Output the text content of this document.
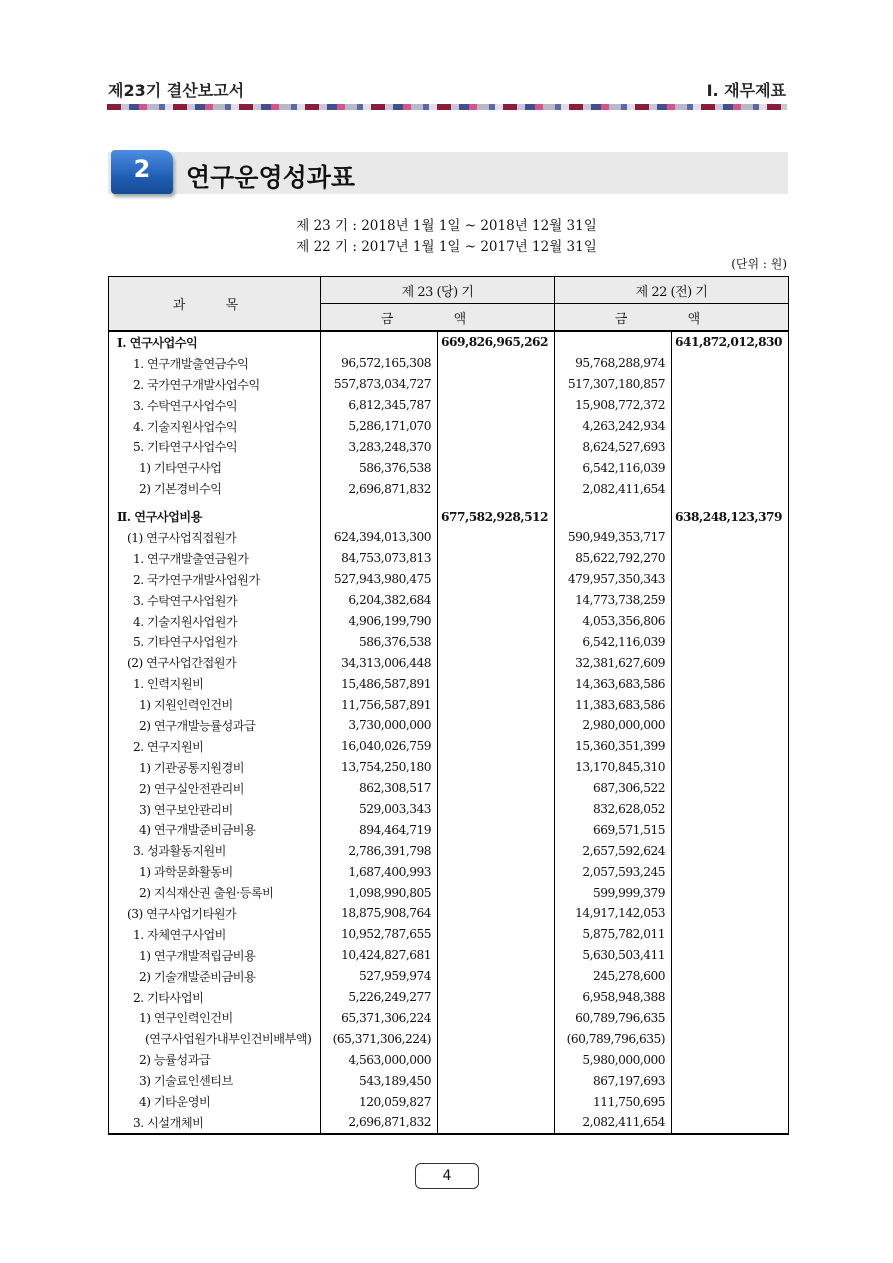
제23기 결산보고서	Ⅰ. 재무제표
2	연구운영성과표
제 23 기 : 2018년 1월 1일 ~ 2018년 12월 31일
제 22 기 : 2017년 1월 1일 ~ 2017년 12월 31일
(단위 : 원)
과 목	제 23 (당) 기		제 22 (전) 기	
	금 액		금 액	
Ⅰ. 연구사업수익		669,826,965,262		641,872,012,830
1. 연구개발출연금수익	96,572,165,308		95,768,288,974	
2. 국가연구개발사업수익	557,873,034,727		517,307,180,857	
3. 수탁연구사업수익	6,812,345,787		15,908,772,372	
4. 기술지원사업수익	5,286,171,070		4,263,242,934	
5. 기타연구사업수익	3,283,248,370		8,624,527,693	
1) 기타연구사업	586,376,538		6,542,116,039	
2) 기본경비수익	2,696,871,832		2,082,411,654	

Ⅱ. 연구사업비용		677,582,928,512		638,248,123,379
(1) 연구사업직접원가	624,394,013,300		590,949,353,717	
1. 연구개발출연금원가	84,753,073,813		85,622,792,270	
2. 국가연구개발사업원가	527,943,980,475		479,957,350,343	
3. 수탁연구사업원가	6,204,382,684		14,773,738,259	
4. 기술지원사업원가	4,906,199,790		4,053,356,806	
5. 기타연구사업원가	586,376,538		6,542,116,039	
(2) 연구사업간접원가	34,313,006,448		32,381,627,609	
1. 인력지원비	15,486,587,891		14,363,683,586	
1) 지원인력인건비	11,756,587,891		11,383,683,586	
2) 연구개발능률성과급	3,730,000,000		2,980,000,000	
2. 연구지원비	16,040,026,759		15,360,351,399	
1) 기관공통지원경비	13,754,250,180		13,170,845,310	
2) 연구실안전관리비	862,308,517		687,306,522	
3) 연구보안관리비	529,003,343		832,628,052	
4) 연구개발준비금비용	894,464,719		669,571,515	
3. 성과활동지원비	2,786,391,798		2,657,592,624	
1) 과학문화활동비	1,687,400,993		2,057,593,245	
2) 지식재산권 출원·등록비	1,098,990,805		599,999,379	
(3) 연구사업기타원가	18,875,908,764		14,917,142,053	
1. 자체연구사업비	10,952,787,655		5,875,782,011	
1) 연구개발적립금비용	10,424,827,681		5,630,503,411	
2) 기술개발준비금비용	527,959,974		245,278,600	
2. 기타사업비	5,226,249,277		6,958,948,388	
1) 연구인력인건비	65,371,306,224		60,789,796,635	
(연구사업원가내부인건비배부액)	(65,371,306,224)		(60,789,796,635)	
2) 능률성과급	4,563,000,000		5,980,000,000	
3) 기술료인센티브	543,189,450		867,197,693	
4) 기타운영비	120,059,827		111,750,695	
3. 시설개체비	2,696,871,832		2,082,411,654	
4
